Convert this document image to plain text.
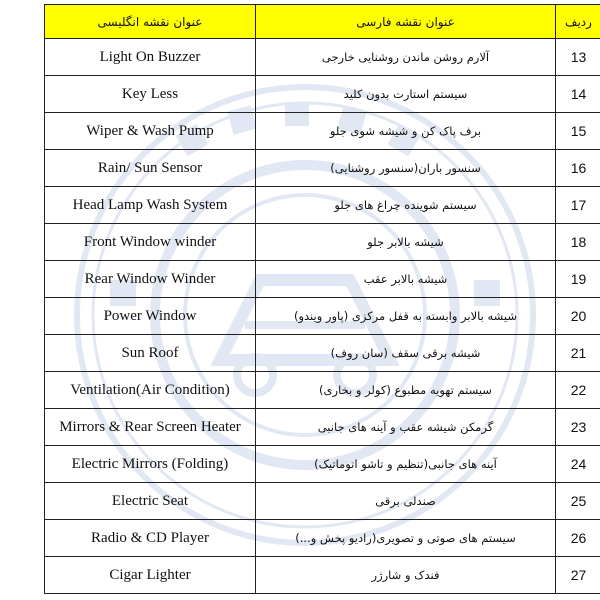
عنوان نقشه انگلیسی	عنوان نقشه فارسی	ردیف
Light On Buzzer	آلارم روشن ماندن روشنایی خارجی	13
Key Less	سیستم استارت بدون کلید	14
Wiper & Wash Pump	برف پاک کن و شیشه شوی جلو	15
Rain/ Sun Sensor	سنسور باران(سنسور روشنایی)	16
Head Lamp Wash System	سیستم شوینده چراغ های جلو	17
Front Window winder	شیشه بالابر جلو	18
Rear Window Winder	شیشه بالابر عقب	19
Power Window	شیشه بالابر وابسته به قفل مرکزی (پاور ویندو)	20
Sun Roof	شیشه برقی سقف (سان روف)	21
Ventilation(Air Condition)	سیستم تهویه مطبوع (کولر و بخاری)	22
Mirrors & Rear Screen Heater	گرمکن شیشه عقب و آینه های جانبی	23
Electric Mirrors (Folding)	آینه های جانبی(تنظیم و تاشو اتوماتیک)	24
Electric Seat	صندلی برقی	25
Radio & CD Player	سیستم های صوتی و تصویری(رادیو پخش و...)	26
Cigar Lighter	فندک و شارژر	27
